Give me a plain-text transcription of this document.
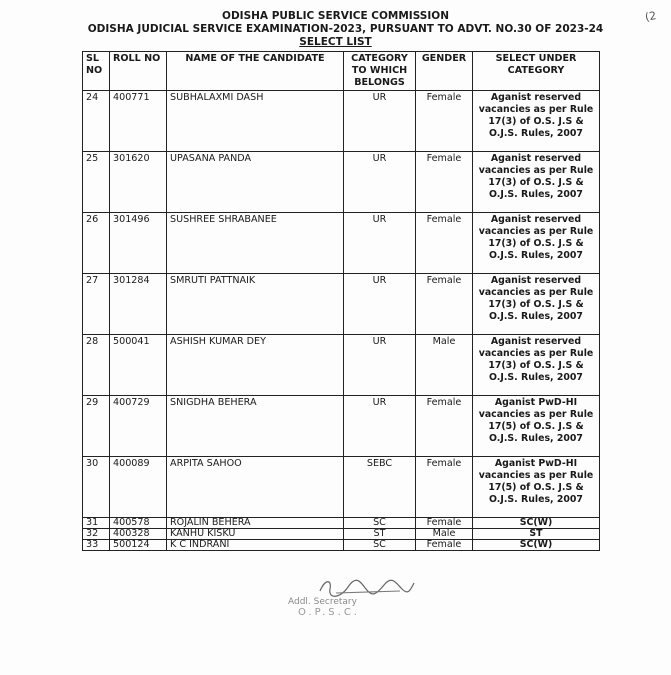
(2
ODISHA PUBLIC SERVICE COMMISSION
ODISHA JUDICIAL SERVICE EXAMINATION-2023, PURSUANT TO ADVT. NO.30 OF 2023-24
SELECT LIST
SL NO	ROLL NO	NAME OF THE CANDIDATE	CATEGORY TO WHICH BELONGS	GENDER	SELECT UNDER CATEGORY
24	400771	SUBHALAXMI DASH	UR	Female	Aganist reserved vacancies as per Rule 17(3) of O.S. J.S & O.J.S. Rules, 2007
25	301620	UPASANA PANDA	UR	Female	Aganist reserved vacancies as per Rule 17(3) of O.S. J.S & O.J.S. Rules, 2007
26	301496	SUSHREE SHRABANEE	UR	Female	Aganist reserved vacancies as per Rule 17(3) of O.S. J.S & O.J.S. Rules, 2007
27	301284	SMRUTI PATTNAIK	UR	Female	Aganist reserved vacancies as per Rule 17(3) of O.S. J.S & O.J.S. Rules, 2007
28	500041	ASHISH KUMAR DEY	UR	Male	Aganist reserved vacancies as per Rule 17(3) of O.S. J.S & O.J.S. Rules, 2007
29	400729	SNIGDHA BEHERA	UR	Female	Aganist PwD-HI vacancies as per Rule 17(5) of O.S. J.S & O.J.S. Rules, 2007
30	400089	ARPITA SAHOO	SEBC	Female	Aganist PwD-HI vacancies as per Rule 17(5) of O.S. J.S & O.J.S. Rules, 2007
31	400578	ROJALIN BEHERA	SC	Female	SC(W)
32	400328	KANHU KISKU	ST	Male	ST
33	500124	K C INDRANI	SC	Female	SC(W)
Addl. Secretary
O.P.S.C.
